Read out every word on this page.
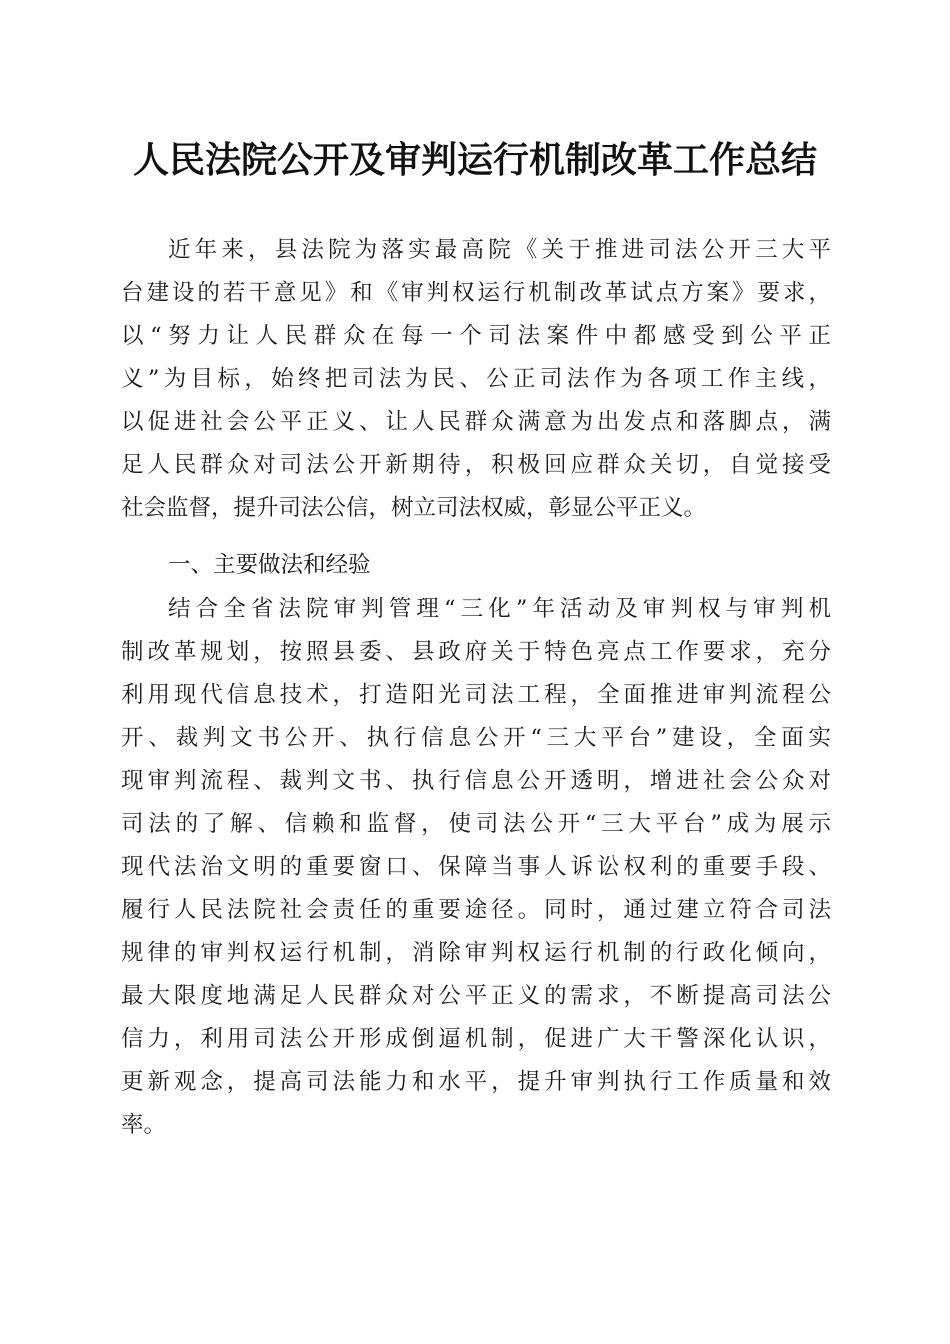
人民法院公开及审判运行机制改革工作总结
近年来，县法院为落实最高院《关于推进司法公开三大平
台建设的若干意见》和《审判权运行机制改革试点方案》要求，
以“努力让人民群众在每一个司法案件中都感受到公平正
义”为目标，始终把司法为民、公正司法作为各项工作主线，
以促进社会公平正义、让人民群众满意为出发点和落脚点，满
足人民群众对司法公开新期待，积极回应群众关切，自觉接受
社会监督，提升司法公信，树立司法权威，彰显公平正义。
一、主要做法和经验
结合全省法院审判管理“三化”年活动及审判权与审判机
制改革规划，按照县委、县政府关于特色亮点工作要求，充分
利用现代信息技术，打造阳光司法工程，全面推进审判流程公
开、裁判文书公开、执行信息公开“三大平台”建设，全面实
现审判流程、裁判文书、执行信息公开透明，增进社会公众对
司法的了解、信赖和监督，使司法公开“三大平台”成为展示
现代法治文明的重要窗口、保障当事人诉讼权利的重要手段、
履行人民法院社会责任的重要途径。同时，通过建立符合司法
规律的审判权运行机制，消除审判权运行机制的行政化倾向，
最大限度地满足人民群众对公平正义的需求，不断提高司法公
信力，利用司法公开形成倒逼机制，促进广大干警深化认识，
更新观念，提高司法能力和水平，提升审判执行工作质量和效
率。
